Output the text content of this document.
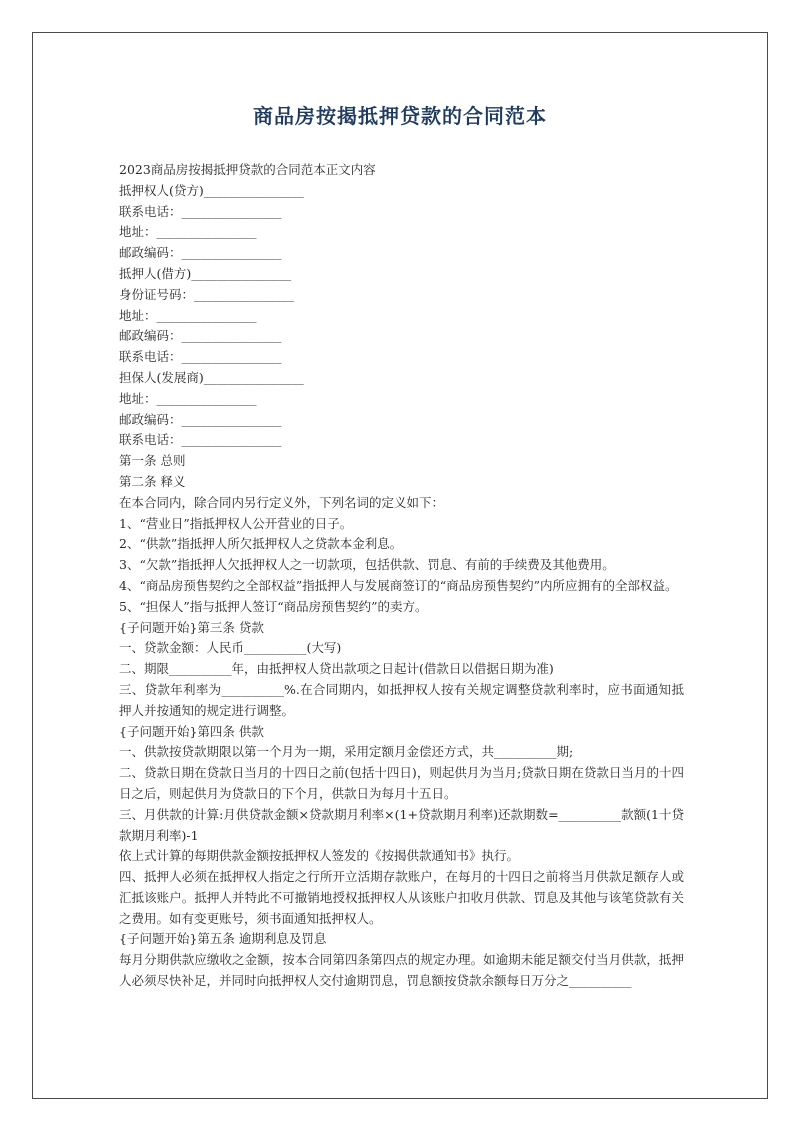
商品房按揭抵押贷款的合同范本
2023商品房按揭抵押贷款的合同范本正文内容
抵押权人(贷方)________________
联系电话：________________
地址：________________
邮政编码：________________
抵押人(借方)________________
身份证号码：________________
地址：________________
邮政编码：________________
联系电话：________________
担保人(发展商)________________
地址：________________
邮政编码：________________
联系电话：________________
第一条 总则
第二条 释义
在本合同内，除合同内另行定义外，下列名词的定义如下：
1、“营业日”指抵押权人公开营业的日子。
2、“供款”指抵押人所欠抵押权人之贷款本金利息。
3、“欠款”指抵押人欠抵押权人之一切款项，包括供款、罚息、有前的手续费及其他费用。
4、“商品房预售契约之全部权益”指抵押人与发展商签订的“商品房预售契约”内所应拥有的全部权益。
5、“担保人”指与抵押人签订“商品房预售契约”的卖方。
{子问题开始}第三条 贷款
一、贷款金额：人民币__________(大写)
二、期限__________年，由抵押权人贷出款项之日起计(借款日以借据日期为准)
三、贷款年利率为__________%.在合同期内，如抵押权人按有关规定调整贷款利率时，应书面通知抵押人并按通知的规定进行调整。
{子问题开始}第四条 供款
一、供款按贷款期限以第一个月为一期，采用定额月金偿还方式，共__________期;
二、贷款日期在贷款日当月的十四日之前(包括十四日)，则起供月为当月;贷款日期在贷款日当月的十四日之后，则起供月为贷款日的下个月，供款日为每月十五日。
三、月供款的计算:月供贷款金额×贷款期月利率×(1+贷款期月利率)还款期数=__________款额(1十贷款期月利率)-1
依上式计算的每期供款金额按抵押权人签发的《按揭供款通知书》执行。
四、抵押人必须在抵押权人指定之行所开立活期存款账户，在每月的十四日之前将当月供款足额存人或汇抵该账户。抵押人并特此不可撤销地授权抵押权人从该账户扣收月供款、罚息及其他与该笔贷款有关之费用。如有变更账号，须书面通知抵押权人。
{子问题开始}第五条 逾期利息及罚息
每月分期供款应缴收之金额，按本合同第四条第四点的规定办理。如逾期未能足额交付当月供款，抵押人必须尽快补足，并同时向抵押权人交付逾期罚息，罚息额按贷款余额每日万分之__________
